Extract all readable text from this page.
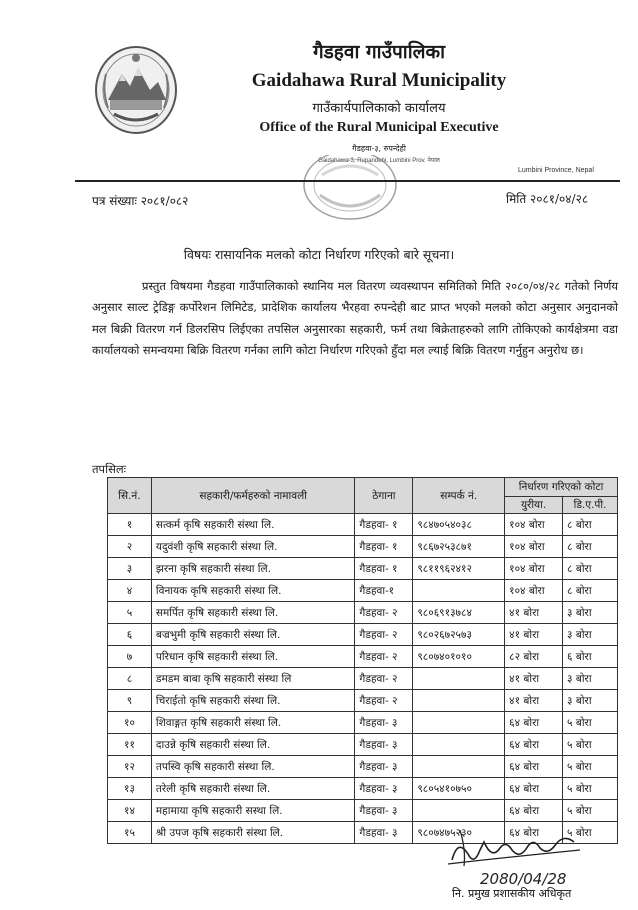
गैडहवा गाउँपालिका
Gaidahawa Rural Municipality
गाउँकार्यपालिकाको कार्यालय
Office of the Rural Municipal Executive
गैडहवा-३, रुपन्देही
Gaidahawa-3, Rupandehi, Lumbini Prov. नेपाल
Lumbini Province, Nepal
पत्र संख्याः २०८१/०८२	मिति २०८१/०४/२८
विषयः रासायनिक मलको कोटा निर्धारण गरिएको बारे सूचना।
प्रस्तुत विषयमा गैडहवा गाउँपालिकाको स्थानिय मल वितरण व्यवस्थापन समितिको मिति २०८०/०४/२८ गतेको निर्णय अनुसार साल्ट ट्रेडिङ्ग कर्पोरेशन लिमिटेड, प्रादेशिक कार्यालय भैरहवा रुपन्देही बाट प्राप्त भएको मलको कोटा अनुसार अनुदानको मल बिक्री वितरण गर्न डिलरसिप लिईएका तपसिल अनुसारका सहकारी, फर्म तथा बिक्रेताहरुको लागि तोकिएको कार्यक्षेत्रमा वडा कार्यालयको समन्वयमा बिक्रि वितरण गर्नका लागि कोटा निर्धारण गरिएको हुँदा मल ल्याई बिक्रि वितरण गर्नुहुन अनुरोध छ।
तपसिलः
सि.नं.	सहकारी/फर्महरुको नामावली	ठेगाना	सम्पर्क नं.	निर्धारण गरिएको कोटा	
				युरीया.	डि.ए.पी.
१	सत्कर्म कृषि सहकारी संस्था लि.	गैडहवा- १	९८४७०५४०३८	१०४ बोरा	८ बोरा
२	यदुवंशी कृषि सहकारी संस्था लि.	गैडहवा- १	९८६७२५३८७१	१०४ बोरा	८ बोरा
३	झरना कृषि सहकारी संस्था लि.	गैडहवा- १	९८११९६२४१२	१०४ बोरा	८ बोरा
४	विनायक कृषि सहकारी संस्था लि.	गैडहवा-१		१०४ बोरा	८ बोरा
५	समर्पित कृषि सहकारी संस्था लि.	गैडहवा- २	९८०६९१३७८४	४१ बोरा	३ बोरा
६	बज्रभुमी कृषि सहकारी संस्था लि.	गैडहवा- २	९८०२६७२५७३	४१ बोरा	३ बोरा
७	परिधान कृषि सहकारी संस्था लि.	गैडहवा- २	९८०७४०१०१०	८२ बोरा	६ बोरा
८	डमडम बाबा कृषि सहकारी संस्था लि	गैडहवा- २		४१ बोरा	३ बोरा
९	चिराईतो कृषि सहकारी संस्था लि.	गैडहवा- २		४१ बोरा	३ बोरा
१०	शिवाङ्गत कृषि सहकारी संस्था लि.	गैडहवा- ३		६४ बोरा	५ बोरा
११	दाउन्ने कृषि सहकारी संस्था लि.	गैडहवा- ३		६४ बोरा	५ बोरा
१२	तपस्वि कृषि सहकारी संस्था लि.	गैडहवा- ३		६४ बोरा	५ बोरा
१३	तरेली कृषि सहकारी संस्था लि.	गैडहवा- ३	९८०५४१०७५०	६४ बोरा	५ बोरा
१४	महामाया कृषि सहकारी सस्था लि.	गैडहवा- ३		६४ बोरा	५ बोरा
१५	श्री उपज कृषि सहकारी संस्था लि.	गैडहवा- ३	९८०७४७५२३०	६४ बोरा	५ बोरा
2080/04/28
नि. प्रमुख प्रशासकीय अधिकृत
